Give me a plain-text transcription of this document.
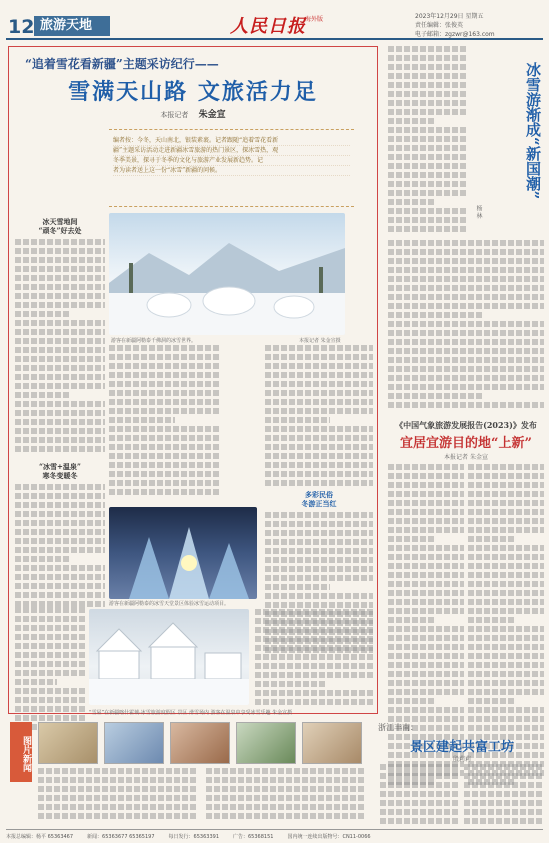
12 旅游天地	人民日报 海外版	2023年12月29日 星期五
责任编辑：张俊英
电子邮箱：zgzwr@163.com
“追着雪花看新疆”主题采访纪行——
雪满天山路 文旅活力足
本报记者 朱金宣
编者按：今冬，天山南北，银装素裹。记者跟随“追着雪花看新
疆”主题采访活动走进新疆冰雪旅游的热门景区，探冰雪热，观
冬季美景，探寻于冬季的文化与旅游产业发展新趋势。记
者为读者送上这一份“冰雪”新疆的问候。
冰天雪地间
“顽冬”好去处
“冰雪+温泉”
寒冬变暖冬
游客在新疆阿勒泰千佛洞的冰雪世界。	本报记者 朱金宣摄
游客在新疆阿勒泰的冰雪天堂景区体验冰雪运动项目。
多彩民俗
冬游正当红
“雪屋”在新疆喀什霍城·冰雪旅游度假区 景区 滑雪场内 游客在温泉中享受冰雪乐趣 朱金宣摄
冰雪游渐成“新国潮”
杨 林
《中国气象旅游发展报告(2023)》发布
宜居宜游目的地“上新”
本报记者 朱金宣
浙江丰南：
景区建起共富工坊
殷莉莉
图片新闻
本报总编辑：杨平 65363467	新闻：65363677 65365197	每日发行：65363391	广告：65368151	国内统一连续出版物号：CN11-0066
